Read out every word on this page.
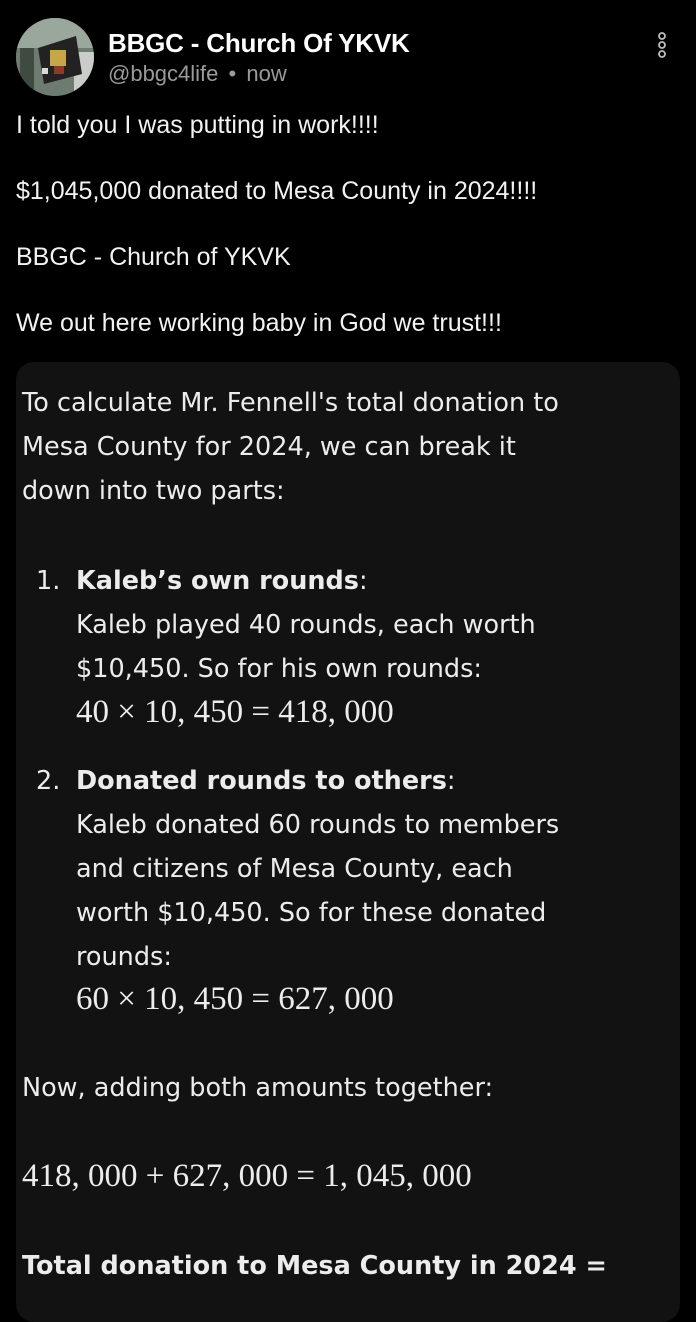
BBGC - Church Of YKVK
@bbgc4life • now
I told you I was putting in work!!!!
$1,045,000 donated to Mesa County in 2024!!!!
BBGC - Church of YKVK
We out here working baby in God we trust!!!
To calculate Mr. Fennell's total donation to
Mesa County for 2024, we can break it
down into two parts:
1. Kaleb’s own rounds:
Kaleb played 40 rounds, each worth
$10,450. So for his own rounds:
40 × 10, 450 = 418, 000
2. Donated rounds to others:
Kaleb donated 60 rounds to members
and citizens of Mesa County, each
worth $10,450. So for these donated
rounds:
60 × 10, 450 = 627, 000
Now, adding both amounts together:
418, 000 + 627, 000 = 1, 045, 000
Total donation to Mesa County in 2024 =
